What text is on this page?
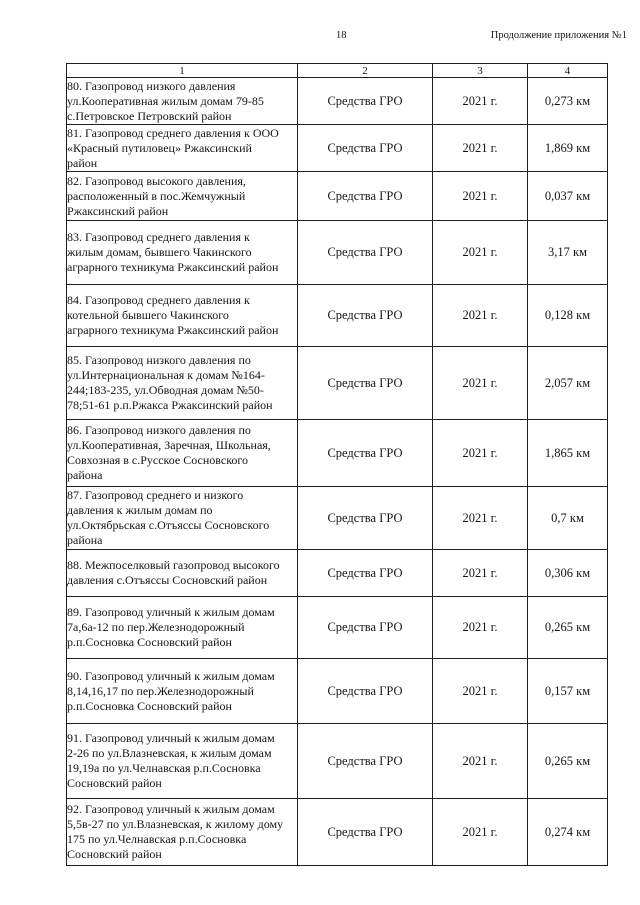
18	Продолжение приложения №1
1	2	3	4
80. Газопровод низкого давления
ул.Кооперативная жилым домам 79-85
с.Петровское Петровский район	Средства ГРО	2021 г.	0,273 км
81. Газопровод среднего давления к ООО
«Красный путиловец» Ржаксинский
район	Средства ГРО	2021 г.	1,869 км
82. Газопровод высокого давления,
расположенный в пос.Жемчужный
Ржаксинский район	Средства ГРО	2021 г.	0,037 км
83. Газопровод среднего давления к
жилым домам, бывшего Чакинского
аграрного техникума Ржаксинский район	Средства ГРО	2021 г.	3,17 км
84. Газопровод среднего давления к
котельной бывшего Чакинского
аграрного техникума Ржаксинский район	Средства ГРО	2021 г.	0,128 км
85. Газопровод низкого давления по
ул.Интернациональная к домам №164-
244;183-235, ул.Обводная домам №50-
78;51-61 р.п.Ржакса Ржаксинский район	Средства ГРО	2021 г.	2,057 км
86. Газопровод низкого давления по
ул.Кооперативная, Заречная, Школьная,
Совхозная в с.Русское Сосновского
района	Средства ГРО	2021 г.	1,865 км
87. Газопровод среднего и низкого
давления к жилым домам по
ул.Октябрьская с.Отъяссы Сосновского
района	Средства ГРО	2021 г.	0,7 км
88. Межпоселковый газопровод высокого
давления с.Отъяссы Сосновский район	Средства ГРО	2021 г.	0,306 км
89. Газопровод уличный к жилым домам
7а,6а-12 по пер.Железнодорожный
р.п.Сосновка Сосновский район	Средства ГРО	2021 г.	0,265 км
90. Газопровод уличный к жилым домам
8,14,16,17 по пер.Железнодорожный
р.п.Сосновка Сосновский район	Средства ГРО	2021 г.	0,157 км
91. Газопровод уличный к жилым домам
2-26 по ул.Влазневская, к жилым домам
19,19а по ул.Челнавская р.п.Сосновка
Сосновский район	Средства ГРО	2021 г.	0,265 км
92. Газопровод уличный к жилым домам
5,5в-27 по ул.Влазневская, к жилому дому
175 по ул.Челнавская р.п.Сосновка
Сосновский район	Средства ГРО	2021 г.	0,274 км
